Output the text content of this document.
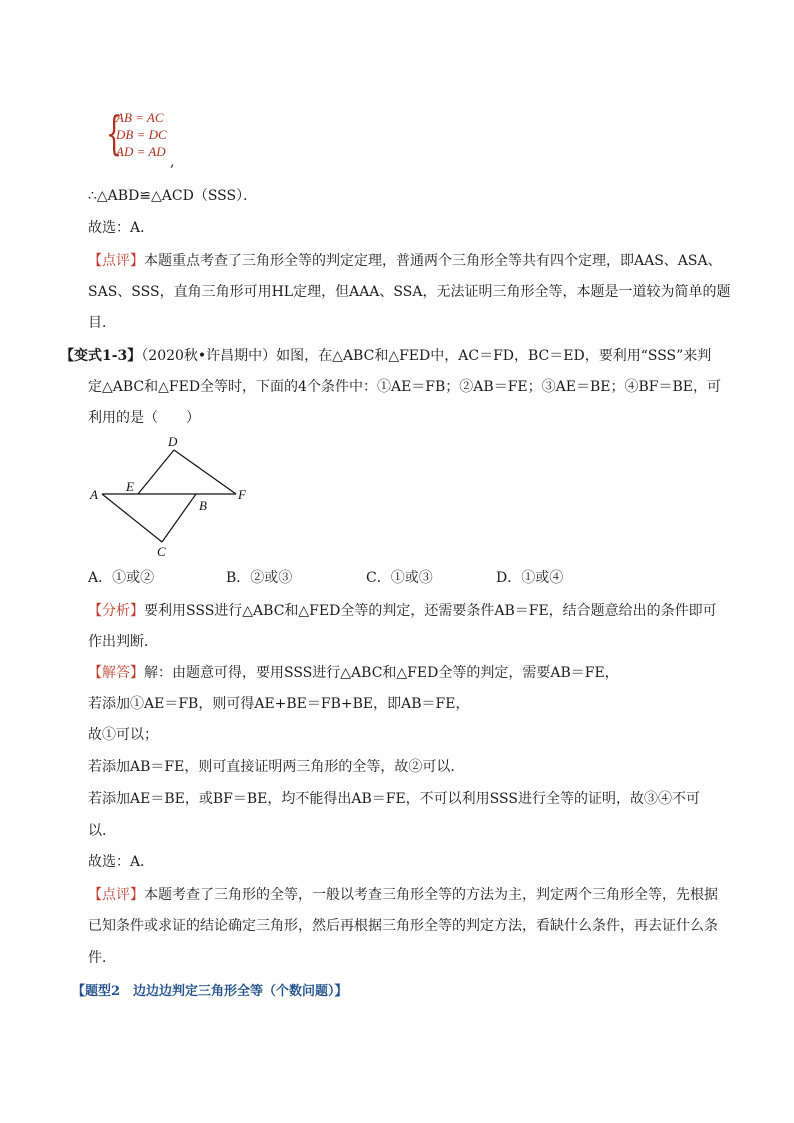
{
AB = AC
DB = DC
AD = AD
,
∴△ABD≌△ACD（SSS）．
故选：A．
【点评】本题重点考查了三角形全等的判定定理，普通两个三角形全等共有四个定理，即AAS、ASA、
SAS、SSS，直角三角形可用HL定理，但AAA、SSA，无法证明三角形全等，本题是一道较为简单的题
目．
【变式1-3】（2020秋•许昌期中）如图，在△ABC和△FED中，AC＝FD，BC＝ED，要利用“SSS”来判
定△ABC和△FED全等时，下面的4个条件中：①AE＝FB；②AB＝FE；③AE＝BE；④BF＝BE，可
利用的是（　　）
A
E
D
F
B
C
A．①或②	B．②或③	C．①或③	D．①或④
【分析】要利用SSS进行△ABC和△FED全等的判定，还需要条件AB＝FE，结合题意给出的条件即可
作出判断．
【解答】解：由题意可得，要用SSS进行△ABC和△FED全等的判定，需要AB＝FE，
若添加①AE＝FB，则可得AE+BE＝FB+BE，即AB＝FE，
故①可以；
若添加AB＝FE，则可直接证明两三角形的全等，故②可以．
若添加AE＝BE，或BF＝BE，均不能得出AB＝FE，不可以利用SSS进行全等的证明，故③④不可
以．
故选：A．
【点评】本题考查了三角形的全等，一般以考查三角形全等的方法为主，判定两个三角形全等，先根据
已知条件或求证的结论确定三角形，然后再根据三角形全等的判定方法，看缺什么条件，再去证什么条
件．
【题型2　边边边判定三角形全等（个数问题）】
